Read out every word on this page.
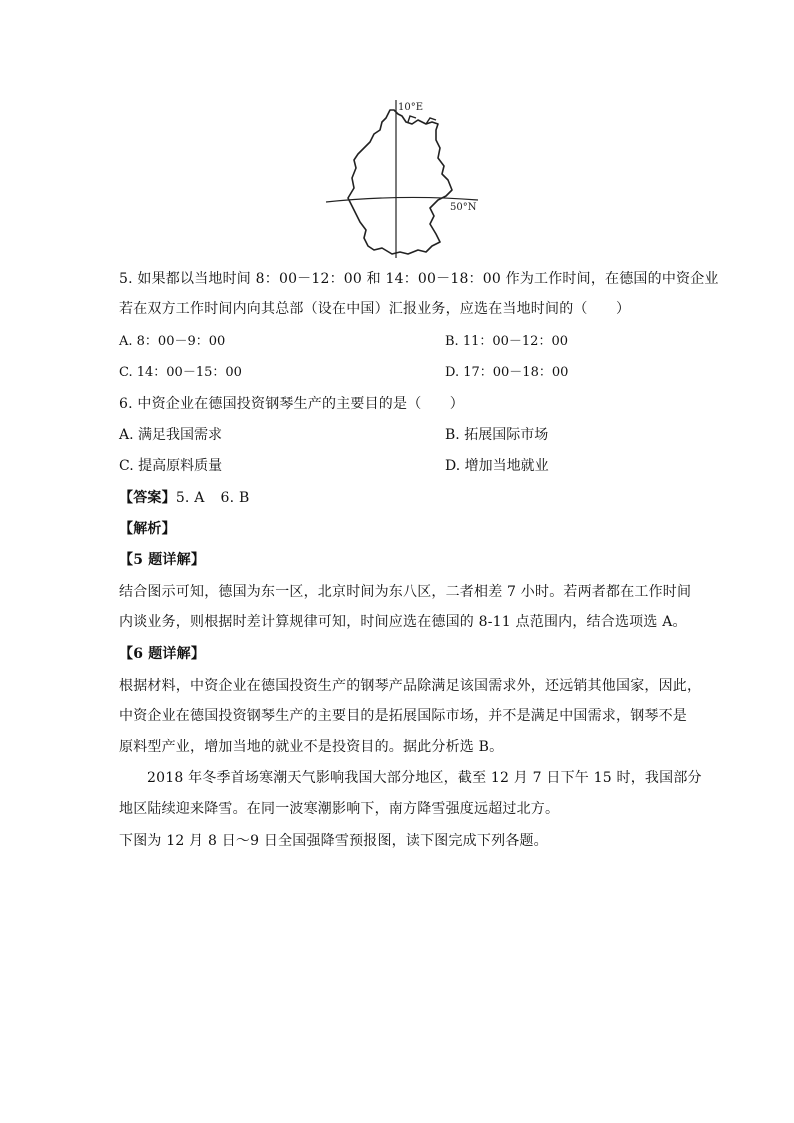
10°E
50°N
5. 如果都以当地时间 8：00－12：00 和 14：00－18：00 作为工作时间，在德国的中资企业
若在双方工作时间内向其总部（设在中国）汇报业务，应选在当地时间的（　　）
A. 8：00－9：00	B. 11：00－12：00
C. 14：00－15：00	D. 17：00－18：00
6. 中资企业在德国投资钢琴生产的主要目的是（　　）
A. 满足我国需求	B. 拓展国际市场
C. 提高原料质量	D. 增加当地就业
【答案】5. A 6. B
【解析】
【5 题详解】
结合图示可知，德国为东一区，北京时间为东八区，二者相差 7 小时。若两者都在工作时间
内谈业务，则根据时差计算规律可知，时间应选在德国的 8-11 点范围内，结合选项选 A。
【6 题详解】
根据材料，中资企业在德国投资生产的钢琴产品除满足该国需求外，还远销其他国家，因此，
中资企业在德国投资钢琴生产的主要目的是拓展国际市场，并不是满足中国需求，钢琴不是
原料型产业，增加当地的就业不是投资目的。据此分析选 B。
2018 年冬季首场寒潮天气影响我国大部分地区，截至 12 月 7 日下午 15 时，我国部分
地区陆续迎来降雪。在同一波寒潮影响下，南方降雪强度远超过北方。
下图为 12 月 8 日～9 日全国强降雪预报图，读下图完成下列各题。
